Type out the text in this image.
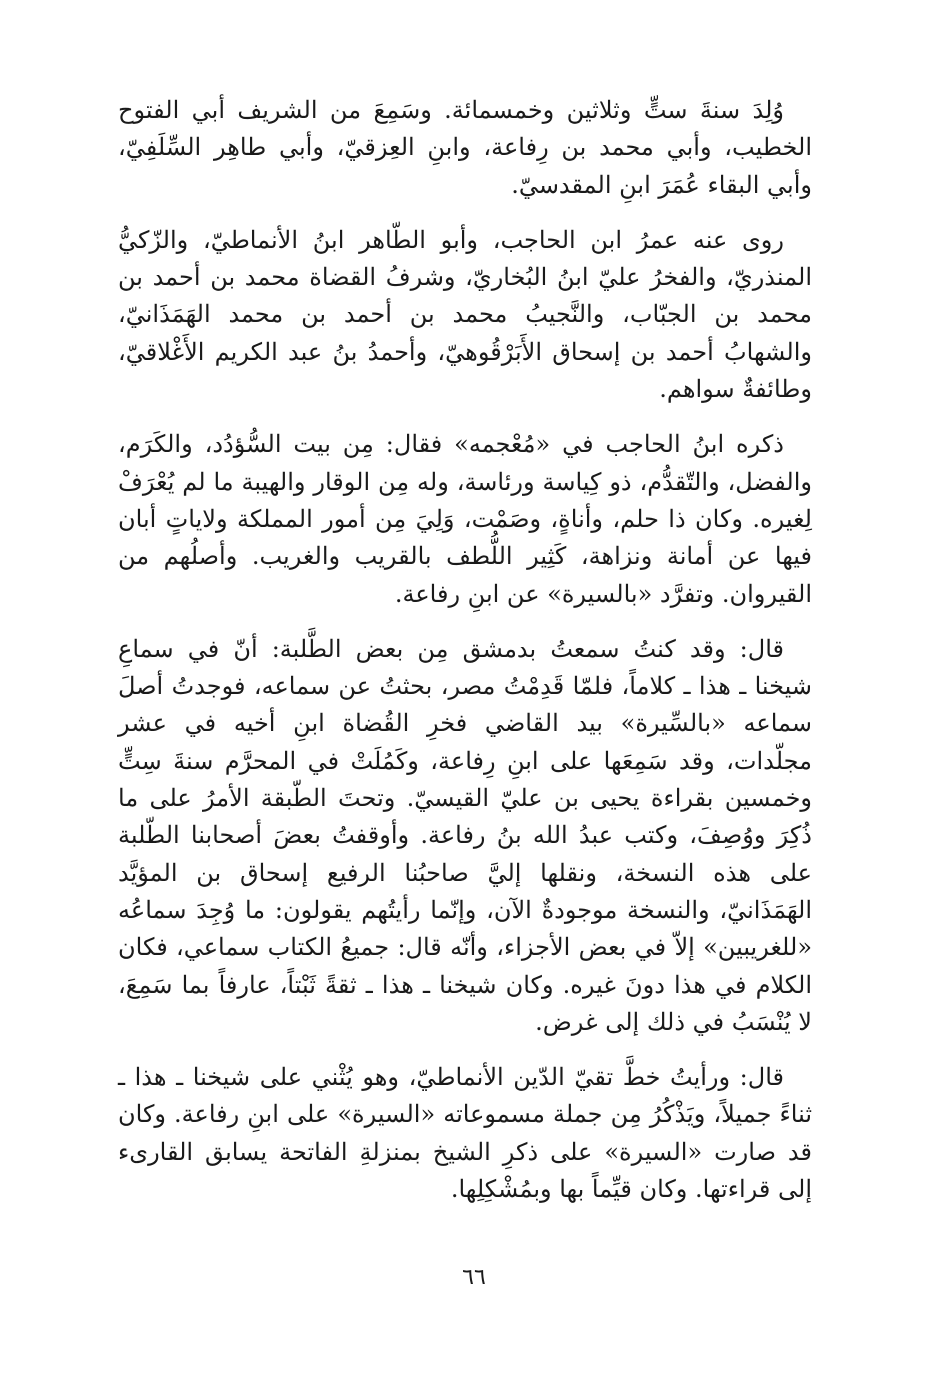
وُلِدَ سنةَ ستٍّ وثلاثين وخمسمائة. وسَمِعَ من الشريف أبي الفتوح الخطيب، وأبي محمد بن رِفاعة، وابنِ العِزقيّ، وأبي طاهِر السِّلَفِيّ، وأبي البقاء عُمَرَ ابنِ المقدسيّ.

روى عنه عمرُ ابن الحاجب، وأبو الطّاهر ابنُ الأنماطيّ، والزّكيُّ المنذريّ، والفخرُ عليّ ابنُ البُخاريّ، وشرفُ القضاة محمد بن أحمد بن محمد بن الجبّاب، والنَّجيبُ محمد بن أحمد بن محمد الهَمَذَانيّ، والشهابُ أحمد بن إسحاق الأَبَرْقُوهيّ، وأحمدُ بنُ عبد الكريم الأَغْلاقيّ، وطائفةٌ سواهم.

ذكره ابنُ الحاجب في «مُعْجمه» فقال: مِن بيت السُّؤدُد، والكَرَم، والفضل، والتّقدُّم، ذو كِياسة ورئاسة، وله مِن الوقار والهيبة ما لم يُعْرَفْ لِغيره. وكان ذا حلم، وأناةٍ، وصَمْت، وَلِيَ مِن أمور المملكة ولاياتٍ أبان فيها عن أمانة ونزاهة، كَثِير اللُّطف بالقريب والغريب. وأصلُهم من القيروان. وتفرَّد «بالسيرة» عن ابنِ رفاعة.

قال: وقد كنتُ سمعتُ بدمشق مِن بعض الطَّلبة: أنّ في سماعِ شيخنا ـ هذا ـ كلاماً، فلمّا قَدِمْتُ مصر، بحثتُ عن سماعه، فوجدتُ أصلَ سماعه «بالسِّيرة» بيد القاضي فخرِ القُضاة ابنِ أخيه في عشر مجلّدات، وقد سَمِعَها على ابنِ رِفاعة، وكَمُلَتْ في المحرَّم سنةَ سِتٍّ وخمسين بقراءة يحيى بن عليّ القيسيّ. وتحتَ الطّبقة الأمرُ على ما ذُكِرَ ووُصِفَ، وكتب عبدُ الله بنُ رفاعة. وأوقفتُ بعضَ أصحابنا الطّلبة على هذه النسخة، ونقلها إليَّ صاحبُنا الرفيع إسحاق بن المؤيَّد الهَمَذَانيّ، والنسخة موجودةٌ الآن، وإنّما رأيتُهم يقولون: ما وُجِدَ سماعُه «للغريبين» إلاّ في بعض الأجزاء، وأنّه قال: جميعُ الكتاب سماعي، فكان الكلام في هذا دونَ غيره. وكان شيخنا ـ هذا ـ ثقةً ثَبْتاً، عارفاً بما سَمِعَ، لا يُنْسَبُ في ذلك إلى غرض.

قال: ورأيتُ خطَّ تقيّ الدّين الأنماطيّ، وهو يُثْني على شيخنا ـ هذا ـ ثناءً جميلاً، ويَذْكُرُ مِن جملة مسموعاته «السيرة» على ابنِ رفاعة. وكان قد صارت «السيرة» على ذكرِ الشيخ بمنزلةِ الفاتحة يسابق القارىء إلى قراءتها. وكان قيِّماً بها وبمُشْكِلِها.

٦٦
